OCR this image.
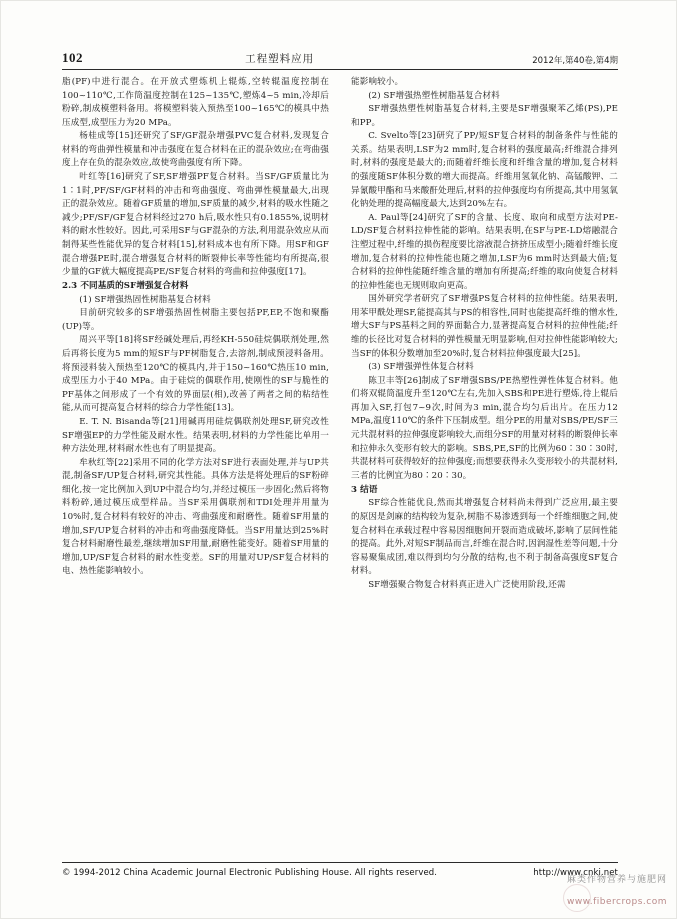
102	工程塑料应用	2012年,第40卷,第4期

脂(PF)中进行混合。在开放式塑炼机上辊炼,空转辊温度控制在100~110℃,工作筒温度控制在125~135℃,塑炼4~5 min,冷却后粉碎,制成模塑料备用。将模塑料装入预热至100~165℃的模具中热压成型,成型压力为20 MPa。

杨桂成等[15]还研究了SF/GF混杂增强PVC复合材料,发现复合材料的弯曲弹性模量和冲击强度在复合材料在正的混杂效应;在弯曲强度上存在负的混杂效应,故使弯曲强度有所下降。

叶红等[16]研究了SF,SF增强PF复合材料。当SF/GF质量比为1∶1时,PF/SF/GF材料的冲击和弯曲强度、弯曲弹性模量最大,出现正的混杂效应。随着GF质量的增加,SF质量的减少,材料的吸水性随之减少;PF/SF/GF复合材料经过270 h后,吸水性只有0.1855%,说明材料的耐水性较好。因此,可采用SF与GF混杂的方法,利用混杂效应从而制得某些性能优异的复合材料[15],材料成本也有所下降。用SF和GF混合增强PE时,混合增强复合材料的断裂伸长率等性能均有所提高,很少量的GF就大幅度提高PE/SF复合材料的弯曲和拉伸强度[17]。

2.3 不同基质的SF增强复合材料

(1) SF增强热固性树脂基复合材料

目前研究较多的SF增强热固性树脂主要包括PF,EP,不饱和聚酯(UP)等。

周兴平等[18]将SF经碱处理后,再经KH-550硅烷偶联剂处理,然后再将长度为5 mm的短SF与PF树脂复合,去溶剂,制成预浸料备用。将预浸料装入预热至120℃的模具内,并于150~160℃热压10 min,成型压力小于40 MPa。由于硅烷的偶联作用,使刚性的SF与脆性的PF基体之间形成了一个有效的界面层(相),改善了两者之间的粘结性能,从而可提高复合材料的综合力学性能[13]。

E. T. N. Bisanda等[21]用碱再用硅烷偶联剂处理SF,研究改性SF增强EP的力学性能及耐水性。结果表明,材料的力学性能比单用一种方法处理,材料耐水性也有了明显提高。

牟秋红等[22]采用不同的化学方法对SF进行表面处理,并与UP共混,制备SF/UP复合材料,研究其性能。具体方法是将处理后的SF粉碎细化,按一定比例加入到UP中混合均匀,并经过模压一步固化;然后将物料粉碎,通过模压成型样品。当SF采用偶联剂和TDI处理并用量为10%时,复合材料有较好的冲击、弯曲强度和耐磨性。随着SF用量的增加,SF/UP复合材料的冲击和弯曲强度降低。当SF用量达到25%时复合材料耐磨性最差,继续增加SF用量,耐磨性能变好。随着SF用量的增加,UP/SF复合材料的耐水性变差。SF的用量对UP/SF复合材料的电、热性能影响较小。

能影响较小。

(2) SF增强热塑性树脂基复合材料

SF增强热塑性树脂基复合材料,主要是SF增强聚苯乙烯(PS),PE和PP。

C. Svelto等[23]研究了PP/短SF复合材料的制备条件与性能的关系。结果表明,LSF为2 mm时,复合材料的强度最高;纤维混合排列时,材料的强度是最大的;而随着纤维长度和纤维含量的增加,复合材料的强度随SF体积分数的增大而提高。纤维用氢氧化钠、高锰酸钾、二异氰酸甲酯和马来酸酐处理后,材料的拉伸强度均有所提高,其中用氢氧化钠处理的提高幅度最大,达到20%左右。

A. Paul等[24]研究了SF的含量、长度、取向和成型方法对PE-LD/SF复合材料拉伸性能的影响。结果表明,在SF与PE-LD熔融混合注塑过程中,纤维的损伤程度要比溶液混合挤挤压成型小;随着纤维长度增加,复合材料的拉伸性能也随之增加,LSF为6 mm时达到最大值;复合材料的拉伸性能随纤维含量的增加有所提高;纤维的取向使复合材料的拉伸性能也无规则取向更高。

国外研究学者研究了SF增强PS复合材料的拉伸性能。结果表明,用苯甲酰处理SF,能提高其与PS的相容性,同时也能提高纤维的憎水性,增大SF与PS基料之间的界面黏合力,显著提高复合材料的拉伸性能;纤维的长径比对复合材料的弹性模量无明显影响,但对拉伸性能影响较大;当SF的体积分数增加至20%时,复合材料拉伸强度最大[25]。

(3) SF增强弹性体复合材料

陈卫丰等[26]制成了SF增强SBS/PE热塑性弹性体复合材料。他们将双辊筒温度升至120℃左右,先加入SBS和PE进行塑炼,待上辊后再加入SF,打包7~9次,时间为3 min,混合均匀后出片。在压力12 MPa,温度110℃的条件下压制成型。组分PE的用量对SBS/PE/SF三元共混材料的拉伸强度影响较大,而组分SF的用量对材料的断裂伸长率和拉伸永久变形有较大的影响。SBS,PE,SF的比例为60∶30∶30时,共混材料可获得较好的拉伸强度;而想要获得永久变形较小的共混材料,三者的比例宜为80∶20∶30。

3 结语

SF综合性能优良,然而其增强复合材料尚未得到广泛应用,最主要的原因是剑麻的结构较为复杂,树脂不易渗透到每一个纤维细胞之间,使复合材料在承载过程中容易因细胞间开裂而造成破坏,影响了层间性能的提高。此外,对短SF制品而言,纤维在混合时,因润湿性差等问题,十分容易聚集成团,难以得到均匀分散的结构,也不利于制备高强度SF复合材料。

SF增强聚合物复合材料真正进入广泛使用阶段,还需

© 1994-2012 China Academic Journal Electronic Publishing House. All rights reserved.	http://www.cnki.net
麻类作物营养与施肥网
www.fibercrops.com
